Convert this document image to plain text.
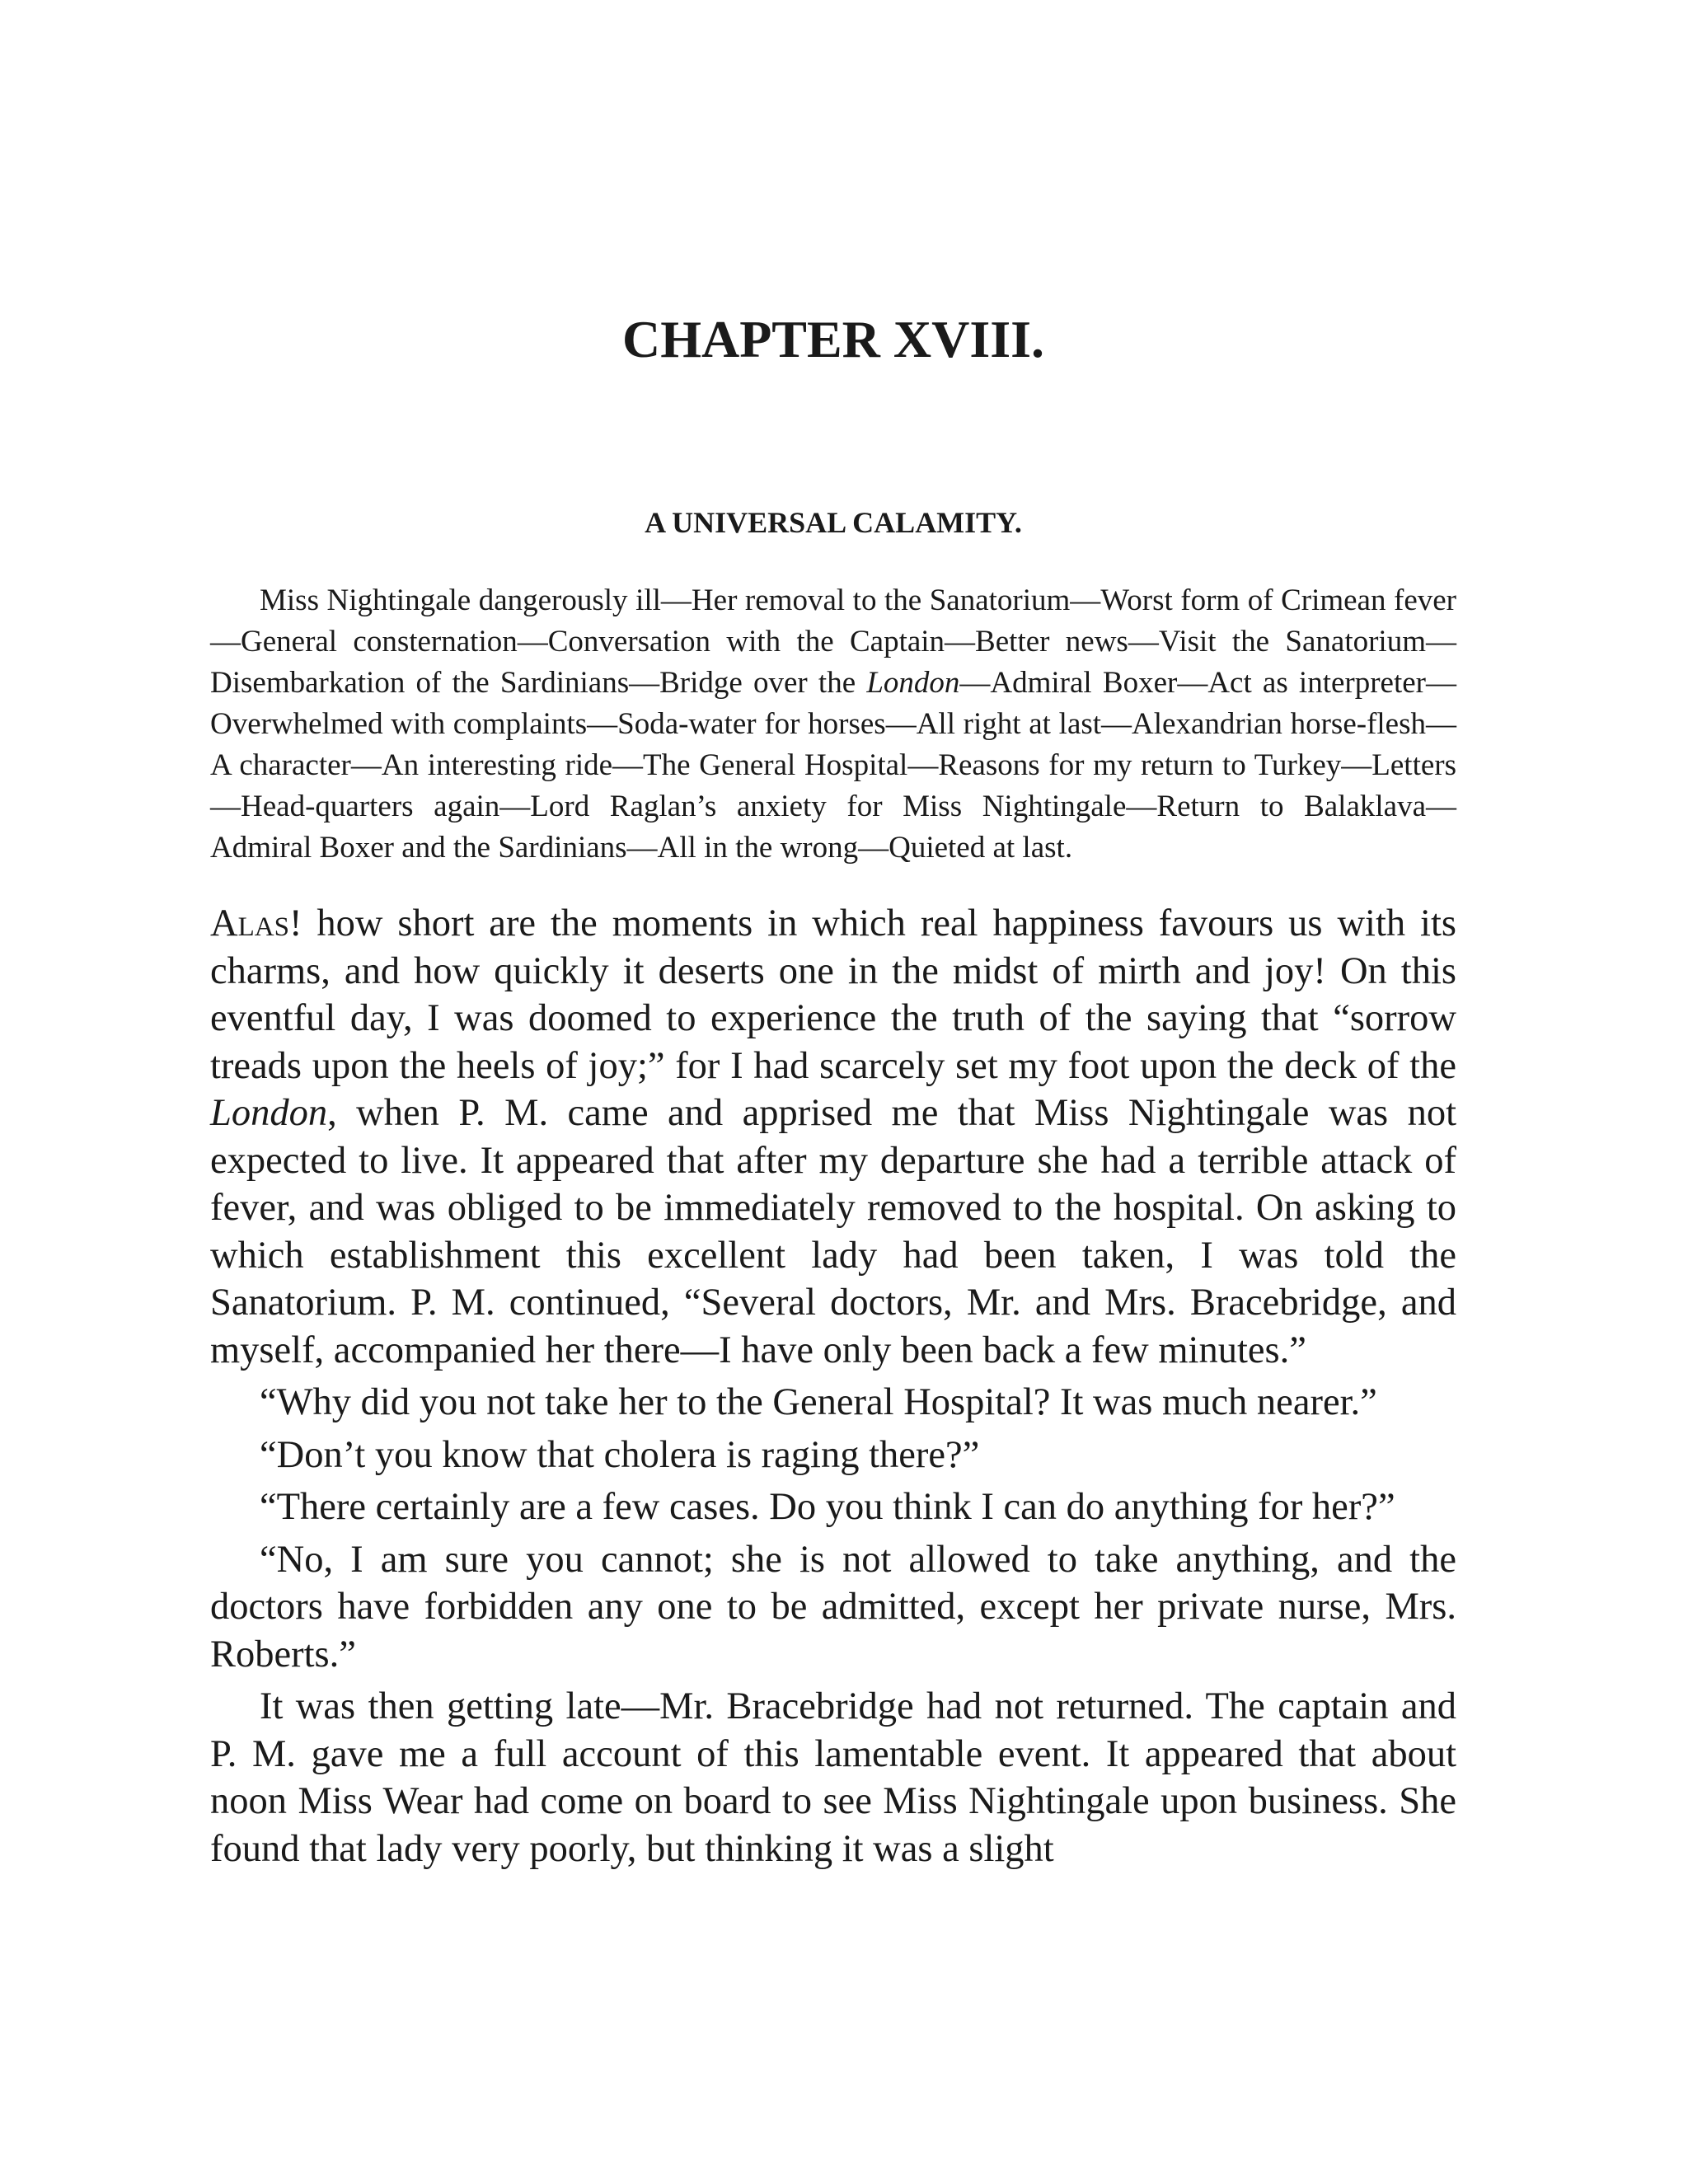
CHAPTER XVIII.
A UNIVERSAL CALAMITY.

Miss Nightingale dangerously ill—Her removal to the Sanatorium—Worst form of Crimean fever—General consternation—Conversation with the Captain—Better news—Visit the Sanatorium—Disembarkation of the Sardinians—Bridge over the London—Admiral Boxer—Act as interpreter—Overwhelmed with complaints—Soda-water for horses—All right at last—Alexandrian horse-flesh—A character—An interesting ride—The General Hospital—Reasons for my return to Turkey—Letters—Head-quarters again—Lord Raglan’s anxiety for Miss Nightingale—Return to Balaklava—Admiral Boxer and the Sardinians—All in the wrong—Quieted at last.

Alas! how short are the moments in which real happiness favours us with its charms, and how quickly it deserts one in the midst of mirth and joy! On this eventful day, I was doomed to experience the truth of the saying that “sorrow treads upon the heels of joy;” for I had scarcely set my foot upon the deck of the London, when P. M. came and apprised me that Miss Nightingale was not expected to live. It appeared that after my departure she had a terrible attack of fever, and was obliged to be immediately removed to the hospital. On asking to which establishment this excellent lady had been taken, I was told the Sanatorium. P. M. continued, “Several doctors, Mr. and Mrs. Bracebridge, and myself, accompanied her there—I have only been back a few minutes.”

“Why did you not take her to the General Hospital? It was much nearer.”

“Don’t you know that cholera is raging there?”

“There certainly are a few cases. Do you think I can do anything for her?”

“No, I am sure you cannot; she is not allowed to take anything, and the doctors have forbidden any one to be admitted, except her private nurse, Mrs. Roberts.”

It was then getting late—Mr. Bracebridge had not returned. The captain and P. M. gave me a full account of this lamentable event. It appeared that about noon Miss Wear had come on board to see Miss Nightingale upon business. She found that lady very poorly, but thinking it was a slight
